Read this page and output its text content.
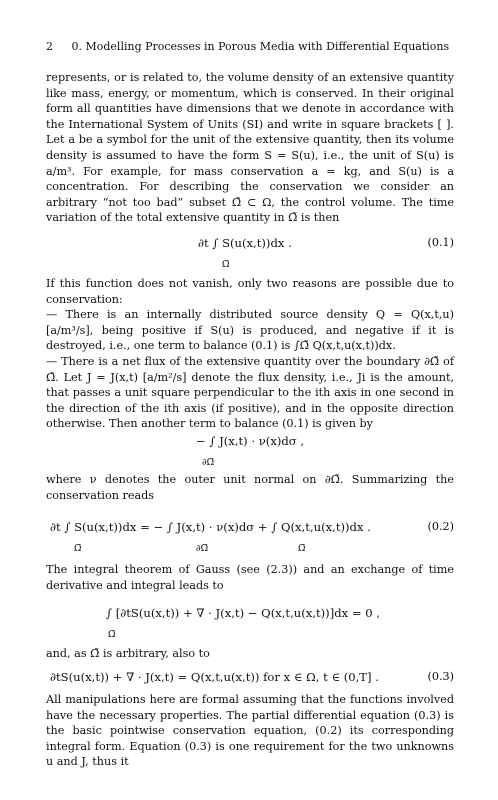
2 0. Modelling Processes in Porous Media with Differential Equations

represents, or is related to, the volume density of an extensive quantity like mass, energy, or momentum, which is conserved. In their original form all quantities have dimensions that we denote in accordance with the International System of Units (SI) and write in square brackets [ ]. Let a be a symbol for the unit of the extensive quantity, then its volume density is assumed to have the form S = S(u), i.e., the unit of S(u) is a/m³. For example, for mass conservation a = kg, and S(u) is a concentration. For describing the conservation we consider an arbitrary “not too bad” subset Ω̃ ⊂ Ω, the control volume. The time variation of the total extensive quantity in Ω̃ is then

∂t ∫ S(u(x,t))dx .
Ω̃
(0.1)

If this function does not vanish, only two reasons are possible due to conservation:

— There is an internally distributed source density Q = Q(x,t,u) [a/m³/s], being positive if S(u) is produced, and negative if it is destroyed, i.e., one term to balance (0.1) is ∫Ω̃ Q(x,t,u(x,t))dx.

— There is a net flux of the extensive quantity over the boundary ∂Ω̃ of Ω̃. Let J = J(x,t) [a/m²/s] denote the flux density, i.e., Ji is the amount, that passes a unit square perpendicular to the ith axis in one second in the direction of the ith axis (if positive), and in the opposite direction otherwise. Then another term to balance (0.1) is given by

− ∫ J(x,t) · ν(x)dσ ,
∂Ω̃

where ν denotes the outer unit normal on ∂Ω̃. Summarizing the conservation reads

∂t ∫ S(u(x,t))dx = − ∫ J(x,t) · ν(x)dσ + ∫ Q(x,t,u(x,t))dx .
Ω̃	∂Ω̃	Ω̃
(0.2)

The integral theorem of Gauss (see (2.3)) and an exchange of time derivative and integral leads to

∫ [∂tS(u(x,t)) + ∇ · J(x,t) − Q(x,t,u(x,t))]dx = 0 ,
Ω̃

and, as Ω̃ is arbitrary, also to

∂tS(u(x,t)) + ∇ · J(x,t) = Q(x,t,u(x,t)) for x ∈ Ω, t ∈ (0,T] .	(0.3)

All manipulations here are formal assuming that the functions involved have the necessary properties. The partial differential equation (0.3) is the basic pointwise conservation equation, (0.2) its corresponding integral form. Equation (0.3) is one requirement for the two unknowns u and J, thus it
